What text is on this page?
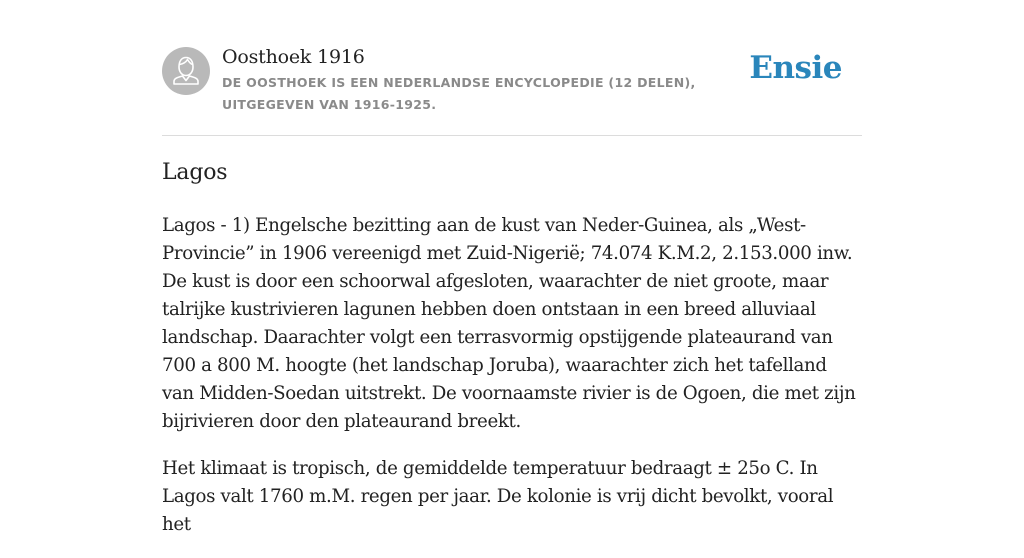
Oosthoek 1916
DE OOSTHOEK IS EEN NEDERLANDSE ENCYCLOPEDIE (12 DELEN), UITGEGEVEN VAN 1916-1925.
Ensie
Lagos

Lagos - 1) Engelsche bezitting aan de kust van Neder-Guinea, als „West-Provincie” in 1906 vereenigd met Zuid-Nigerië; 74.074 K.M.2, 2.153.000 inw. De kust is door een schoorwal afgesloten, waarachter de niet groote, maar talrijke kustrivieren lagunen hebben doen ontstaan in een breed alluviaal landschap. Daarachter volgt een terrasvormig opstijgende plateaurand van 700 a 800 M. hoogte (het landschap Joruba), waarachter zich het tafelland van Midden-Soedan uitstrekt. De voornaamste rivier is de Ogoen, die met zijn bijrivieren door den plateaurand breekt.

Het klimaat is tropisch, de gemiddelde temperatuur bedraagt ± 25o C. In Lagos valt 1760 m.M. regen per jaar. De kolonie is vrij dicht bevolkt, vooral het
